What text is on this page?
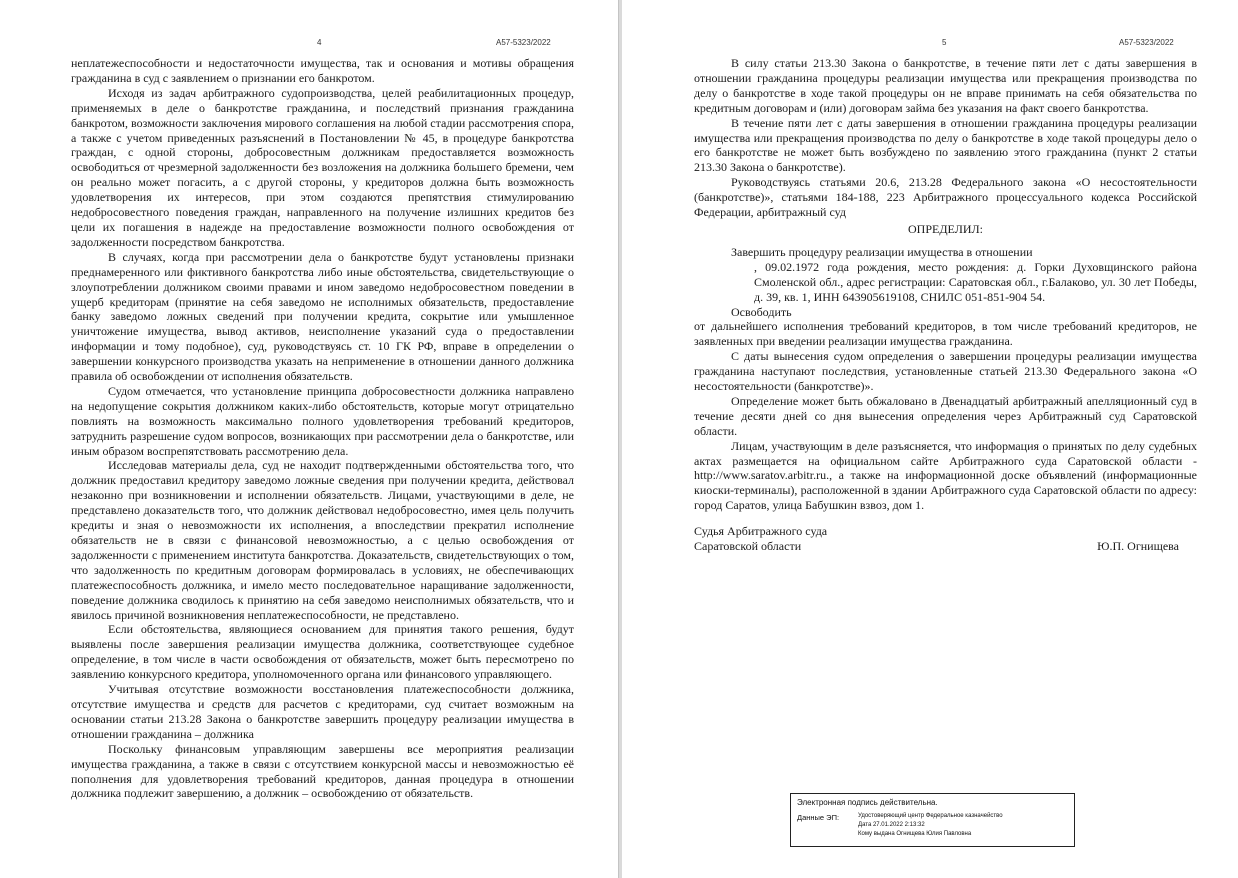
4	А57-5323/2022

неплатежеспособности и недостаточности имущества, так и основания и мотивы обращения гражданина в суд с заявлением о признании его банкротом.

Исходя из задач арбитражного судопроизводства, целей реабилитационных процедур, применяемых в деле о банкротстве гражданина, и последствий признания гражданина банкротом, возможности заключения мирового соглашения на любой стадии рассмотрения спора, а также с учетом приведенных разъяснений в Постановлении № 45, в процедуре банкротства граждан, с одной стороны, добросовестным должникам предоставляется возможность освободиться от чрезмерной задолженности без возложения на должника большего бремени, чем он реально может погасить, а с другой стороны, у кредиторов должна быть возможность удовлетворения их интересов, при этом создаются препятствия стимулированию недобросовестного поведения граждан, направленного на получение излишних кредитов без цели их погашения в надежде на предоставление возможности полного освобождения от задолженности посредством банкротства.

В случаях, когда при рассмотрении дела о банкротстве будут установлены признаки преднамеренного или фиктивного банкротства либо иные обстоятельства, свидетельствующие о злоупотреблении должником своими правами и ином заведомо недобросовестном поведении в ущерб кредиторам (принятие на себя заведомо не исполнимых обязательств, предоставление банку заведомо ложных сведений при получении кредита, сокрытие или умышленное уничтожение имущества, вывод активов, неисполнение указаний суда о предоставлении информации и тому подобное), суд, руководствуясь ст. 10 ГК РФ, вправе в определении о завершении конкурсного производства указать на неприменение в отношении данного должника правила об освобождении от исполнения обязательств.

Судом отмечается, что установление принципа добросовестности должника направлено на недопущение сокрытия должником каких-либо обстоятельств, которые могут отрицательно повлиять на возможность максимально полного удовлетворения требований кредиторов, затруднить разрешение судом вопросов, возникающих при рассмотрении дела о банкротстве, или иным образом воспрепятствовать рассмотрению дела.

Исследовав материалы дела, суд не находит подтвержденными обстоятельства того, что должник предоставил кредитору заведомо ложные сведения при получении кредита, действовал незаконно при возникновении и исполнении обязательств. Лицами, участвующими в деле, не представлено доказательств того, что должник действовал недобросовестно, имея цель получить кредиты и зная о невозможности их исполнения, а впоследствии прекратил исполнение обязательств не в связи с финансовой невозможностью, а с целью освобождения от задолженности с применением института банкротства. Доказательств, свидетельствующих о том, что задолженность по кредитным договорам формировалась в условиях, не обеспечивающих платежеспособность должника, и имело место последовательное наращивание задолженности, поведение должника сводилось к принятию на себя заведомо неисполнимых обязательств, что и явилось причиной возникновения неплатежеспособности, не представлено.

Если обстоятельства, являющиеся основанием для принятия такого решения, будут выявлены после завершения реализации имущества должника, соответствующее судебное определение, в том числе в части освобождения от обязательств, может быть пересмотрено по заявлению конкурсного кредитора, уполномоченного органа или финансового управляющего.

Учитывая отсутствие возможности восстановления платежеспособности должника, отсутствие имущества и средств для расчетов с кредиторами, суд считает возможным на основании статьи 213.28 Закона о банкротстве завершить процедуру реализации имущества в отношении гражданина – должника

Поскольку финансовым управляющим завершены все мероприятия реализации имущества гражданина, а также в связи с отсутствием конкурсной массы и невозможностью её пополнения для удовлетворения требований кредиторов, данная процедура в отношении должника подлежит завершению, а должник – освобождению от обязательств.

5	А57-5323/2022

В силу статьи 213.30 Закона о банкротстве, в течение пяти лет с даты завершения в отношении гражданина процедуры реализации имущества или прекращения производства по делу о банкротстве в ходе такой процедуры он не вправе принимать на себя обязательства по кредитным договорам и (или) договорам займа без указания на факт своего банкротства.

В течение пяти лет с даты завершения в отношении гражданина процедуры реализации имущества или прекращения производства по делу о банкротстве в ходе такой процедуры дело о его банкротстве не может быть возбуждено по заявлению этого гражданина (пункт 2 статьи 213.30 Закона о банкротстве).

Руководствуясь статьями 20.6, 213.28 Федерального закона «О несостоятельности (банкротстве)», статьями 184-188, 223 Арбитражного процессуального кодекса Российской Федерации, арбитражный суд

ОПРЕДЕЛИЛ:

Завершить процедуру реализации имущества в отношении

, 09.02.1972 года рождения, место рождения: д. Горки Духовщинского района Смоленской обл., адрес регистрации: Саратовская обл., г.Балаково, ул. 30 лет Победы, д. 39, кв. 1, ИНН 643905619108, СНИЛС 051-851-904 54.

Освободить

от дальнейшего исполнения требований кредиторов, в том числе требований кредиторов, не заявленных при введении реализации имущества гражданина.

С даты вынесения судом определения о завершении процедуры реализации имущества гражданина наступают последствия, установленные статьей 213.30 Федерального закона «О несостоятельности (банкротстве)».

Определение может быть обжаловано в Двенадцатый арбитражный апелляционный суд в течение десяти дней со дня вынесения определения через Арбитражный суд Саратовской области.

Лицам, участвующим в деле разъясняется, что информация о принятых по делу судебных актах размещается на официальном сайте Арбитражного суда Саратовской области - http://www.saratov.arbitr.ru., а также на информационной доске объявлений (информационные киоски-терминалы), расположенной в здании Арбитражного суда Саратовской области по адресу: город Саратов, улица Бабушкин взвоз, дом 1.

Судья Арбитражного суда
Саратовской области	Ю.П. Огнищева
Электронная подпись действительна.
Данные ЭП:	Удостоверяющий центр Федеральное казначейство
Дата 27.01.2022 2:13:32
Кому выдана Огнищева Юлия Павловна
